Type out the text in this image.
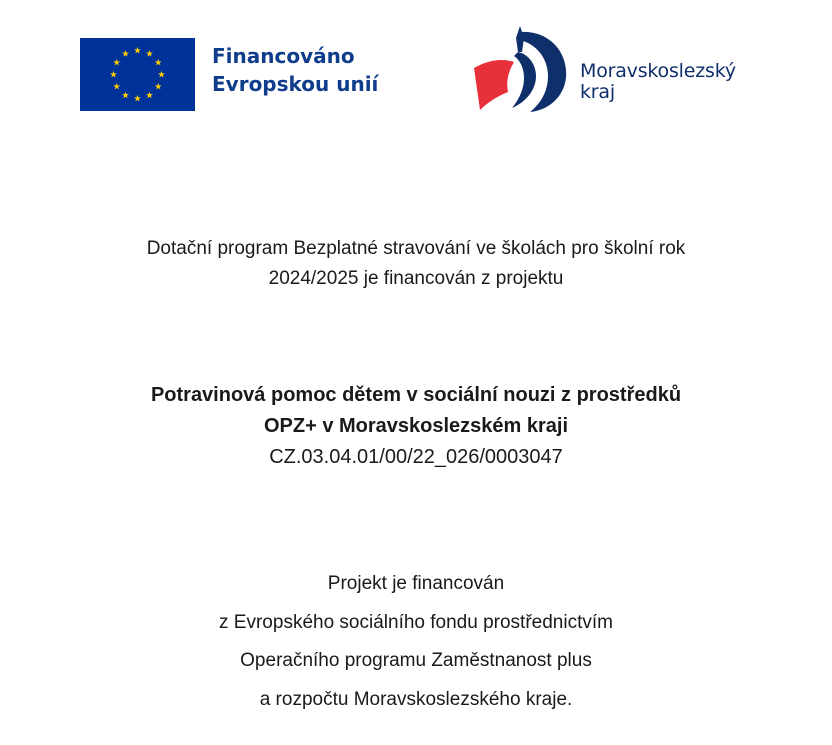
Financováno
Evropskou unií
Moravskoslezský
kraj
Dotační program Bezplatné stravování ve školách pro školní rok
2024/2025 je financován z projektu
Potravinová pomoc dětem v sociální nouzi z prostředků
OPZ+ v Moravskoslezském kraji
CZ.03.04.01/00/22_026/0003047
Projekt je financován
z Evropského sociálního fondu prostřednictvím
Operačního programu Zaměstnanost plus
a rozpočtu Moravskoslezského kraje.
